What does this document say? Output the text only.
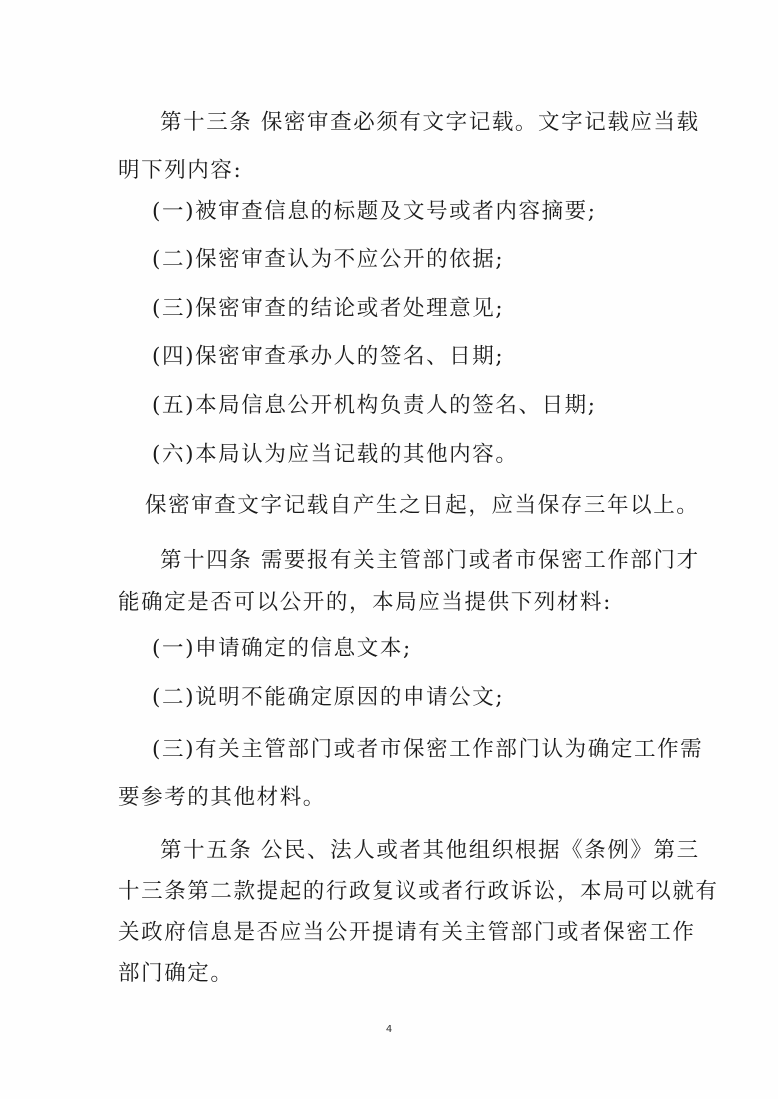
第十三条 保密审查必须有文字记载。文字记载应当载
明下列内容:
(一)被审查信息的标题及文号或者内容摘要;
(二)保密审查认为不应公开的依据;
(三)保密审查的结论或者处理意见;
(四)保密审查承办人的签名、日期;
(五)本局信息公开机构负责人的签名、日期;
(六)本局认为应当记载的其他内容。
保密审查文字记载自产生之日起，应当保存三年以上。
第十四条 需要报有关主管部门或者市保密工作部门才
能确定是否可以公开的，本局应当提供下列材料:
(一)申请确定的信息文本;
(二)说明不能确定原因的申请公文;
(三)有关主管部门或者市保密工作部门认为确定工作需
要参考的其他材料。
第十五条 公民、法人或者其他组织根据《条例》第三
十三条第二款提起的行政复议或者行政诉讼，本局可以就有
关政府信息是否应当公开提请有关主管部门或者保密工作
部门确定。
4
